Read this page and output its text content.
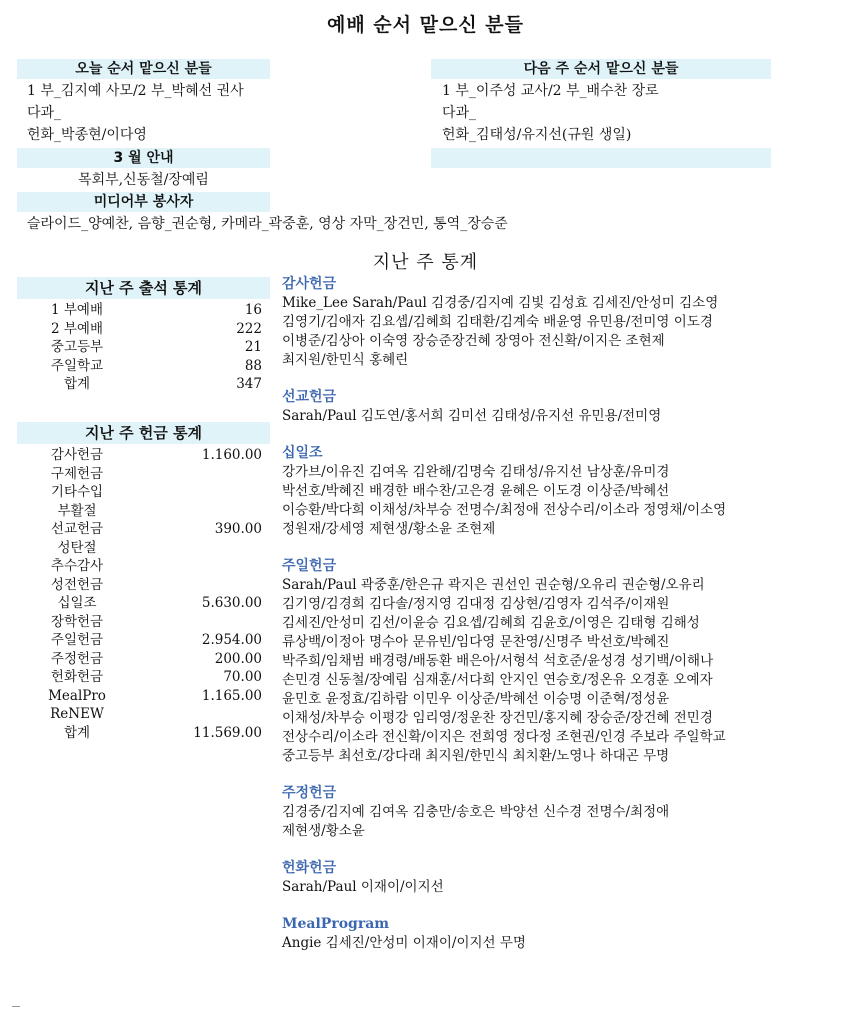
예배 순서 맡으신 분들
오늘 순서 맡으신 분들
1 부_김지예 사모/2 부_박혜선 권사
다과_
헌화_박종현/이다영
다음 주 순서 맡으신 분들
1 부_이주성 교사/2 부_배수찬 장로
다과_
헌화_김태성/유지선(규원 생일)
3 월 안내
목회부,신동철/장예림
미디어부 봉사자
슬라이드_양예찬, 음향_권순형, 카메라_곽중훈, 영상 자막_장건민, 통역_장승준
지난 주 통계
지난 주 출석 통계
1 부예배	16
2 부예배	222
중고등부	21
주일학교	88
합계	347
지난 주 헌금 통계
감사헌금	1.160.00
구제헌금
기타수입
부활절
선교헌금	390.00
성탄절
추수감사
성전헌금
십일조	5.630.00
장학헌금
주일헌금	2.954.00
주정헌금	200.00
헌화헌금	70.00
MealPro	1.165.00
ReNEW
합계	11.569.00
감사헌금
Mike_Lee Sarah/Paul 김경중/김지예 김빛 김성효 김세진/안성미 김소영
김영기/김애자 김요셉/김혜희 김태환/김계숙 배윤영 유민용/전미영 이도경
이병준/김상아 이숙영 장승준장건혜 장영아 전신확/이지은 조현제
최지원/한민식 홍혜린
선교헌금
Sarah/Paul 김도연/홍서희 김미선 김태성/유지선 유민용/전미영
십일조
강가브/이유진 김여옥 김완해/김명숙 김태성/유지선 남상훈/유미경
박선호/박혜진 배경한 배수찬/고은경 윤혜은 이도경 이상준/박혜선
이승환/박다희 이채성/차부승 전명수/최정애 전상수리/이소라 정영채/이소영
정원재/강세영 제현생/황소윤 조현제
주일헌금
Sarah/Paul 곽중훈/한은규 곽지은 권선인 권순형/오유리 권순형/오유리
김기영/김경희 김다솔/정지영 김대정 김상현/김영자 김석주/이재원
김세진/안성미 김선/이윤승 김요셉/김혜희 김윤호/이영은 김태형 김해성
류상백/이정아 명수아 문유빈/임다영 문찬영/신명주 박선호/박혜진
박주희/임채범 배경령/배동환 배은아/서형석 석호준/윤성경 성기백/이해나
손민경 신동철/장예림 심재훈/서다희 안지인 연승호/정온유 오경훈 오예자
윤민호 윤정효/김하람 이민우 이상준/박혜선 이승명 이준혁/정성윤
이채성/차부승 이평강 임리영/정운찬 장건민/홍지혜 장승준/장건혜 전민경
전상수리/이소라 전신확/이지은 전희영 정다정 조현권/인경 주보라 주일학교
중고등부 최선호/강다래 최지원/한민식 최치환/노영나 하대곤 무명
주정헌금
김경중/김지예 김여옥 김충만/송호은 박양선 신수경 전명수/최정애
제현생/황소윤
헌화헌금
Sarah/Paul 이재이/이지선
MealProgram
Angie 김세진/안성미 이재이/이지선 무명
